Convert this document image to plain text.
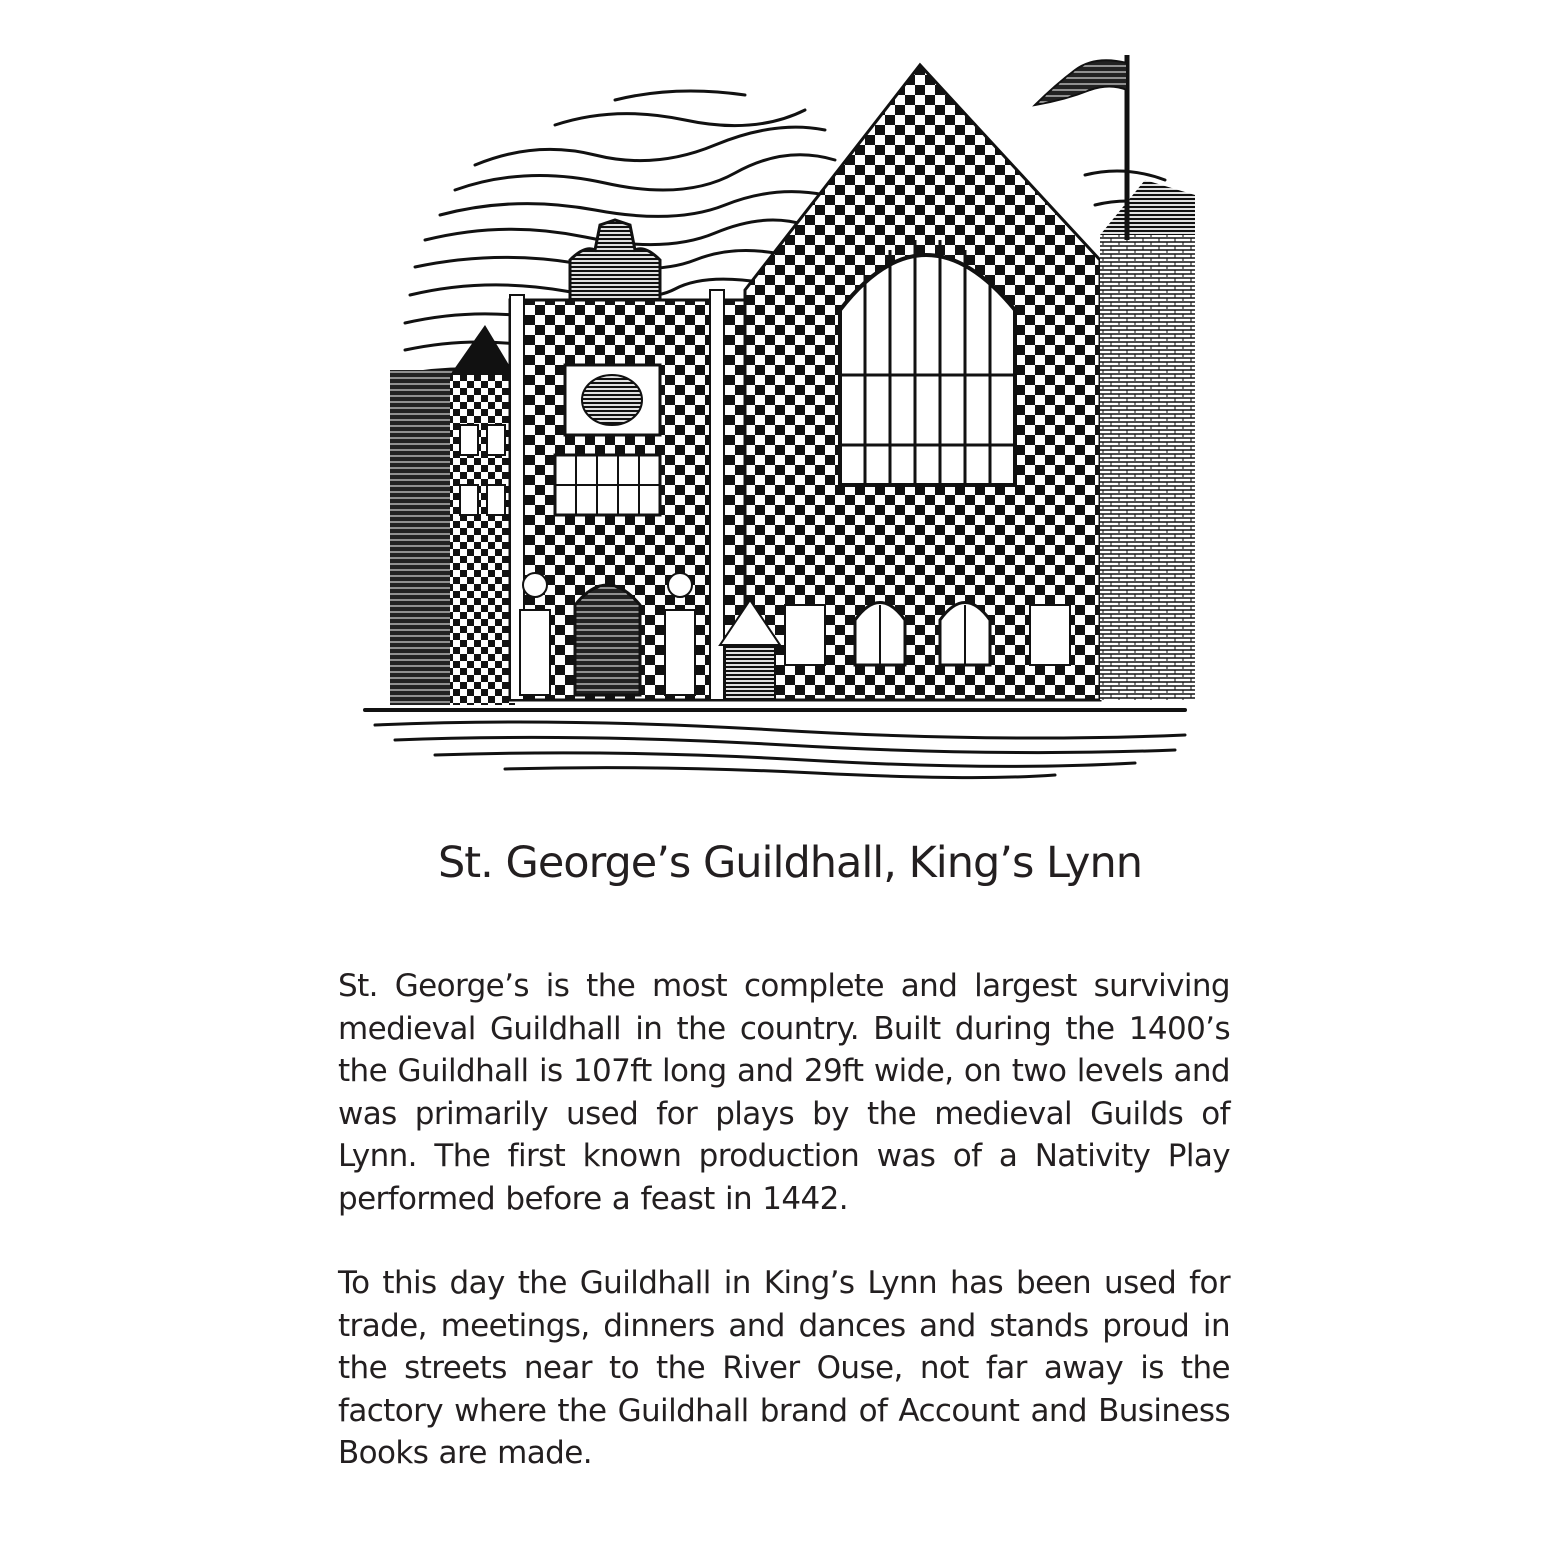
St. George’s Guildhall, King’s Lynn

St. George’s is the most complete and largest surviving medieval Guildhall in the country. Built during the 1400’s the Guildhall is 107ft long and 29ft wide, on two levels and was primarily used for plays by the medieval Guilds of Lynn. The first known production was of a Nativity Play performed before a feast in 1442.

To this day the Guildhall in King’s Lynn has been used for trade, meetings, dinners and dances and stands proud in the streets near to the River Ouse, not far away is the factory where the Guildhall brand of Account and Business Books are made.
